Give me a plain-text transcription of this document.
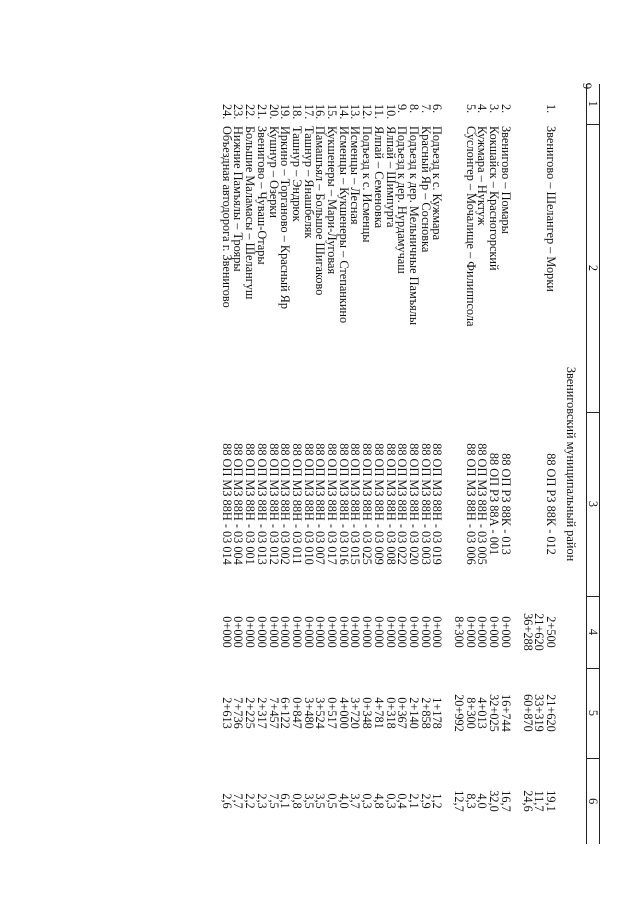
6
1	2	3	4	5	6
Звениговский муниципальный район					
1.	Звенигово – Шелангер – Морки	88 ОП РЗ 88К - 012	2+500	21+620	19,1
			21+620	33+319	11,7
			36+288	60+870	24,6

2.	Звенигово – Помары	88 ОП РЗ 88К - 013	0+000	16+744	16,7
3.	Кокшайск – Красногорский	88 ОП РЗ 88А - 001	0+000	32+025	32,0
4.	Кужмара – Нуктуж	88 ОП МЗ 88Н - 03 005	0+000	4+013	4,0
5.	Суслонгер – Мочалище – Филиппсола	88 ОП МЗ 88Н - 03 006	0+000	8+300	8,3
			8+300	20+992	12,7

6.	Подъезд к с. Кужмара	88 ОП МЗ 88Н - 03 019	0+000	1+178	1,2
7.	Красный Яр – Сосновка	88 ОП МЗ 88Н - 03 003	0+000	2+858	2,9
8.	Подъезд к дер. Мельничные Памъялы	88 ОП МЗ 88Н - 03 020	0+000	2+140	2,1
9.	Подъезд к дер. Нурдамучаш	88 ОП МЗ 88Н - 03 022	0+000	0+367	0,4
10.	Ялпай – Шимпурга	88 ОП МЗ 88Н - 03 008	0+000	0+318	0,3
11.	Ялпай – Семеновка	88 ОП МЗ 88Н - 03 009	0+000	4+781	4,8
12.	Подъезд к с. Исменцы	88 ОП МЗ 88Н - 03 025	0+000	0+348	0,3
13.	Исменцы – Лесная	88 ОП МЗ 88Н - 03 015	0+000	3+720	3,7
14.	Исменцы – Кукшенеры – Степанкино	88 ОП МЗ 88Н - 03 016	0+000	4+000	4,0
15.	Кукшенеры – Мари-Луговая	88 ОП МЗ 88Н - 03 017	0+000	0+517	0,5
16.	Памашъял – Большое Шигаково	88 ОП МЗ 88Н - 03 007	0+000	3+524	3,5
17.	Ташнур – Янашбеляк	88 ОП МЗ 88Н - 03 010	0+000	3+480	3,5
18.	Ташнур – Эндрюк	88 ОП МЗ 88Н - 03 011	0+000	0+847	0,8
19.	Иркино – Торганово – Красный Яр	88 ОП МЗ 88Н - 03 002	0+000	6+122	6,1
20.	Кушнур – Озерки	88 ОП МЗ 88Н - 03 012	0+000	7+457	7,5
21.	Звенигово – Чуваш-Отары	88 ОП МЗ 88Н - 03 013	0+000	2+317	2,3
22.	Большие Маламасы – Шелангуш	88 ОП МЗ 88Н - 03 001	0+000	2+225	2,2
23.	Нижние Памъялы – Трояры	88 ОП МЗ 88Н - 03 004	0+000	7+736	7,7
24.	Объездная автодорога г. Звенигово	88 ОП МЗ 88Н - 03 014	0+000	2+613	2,6
